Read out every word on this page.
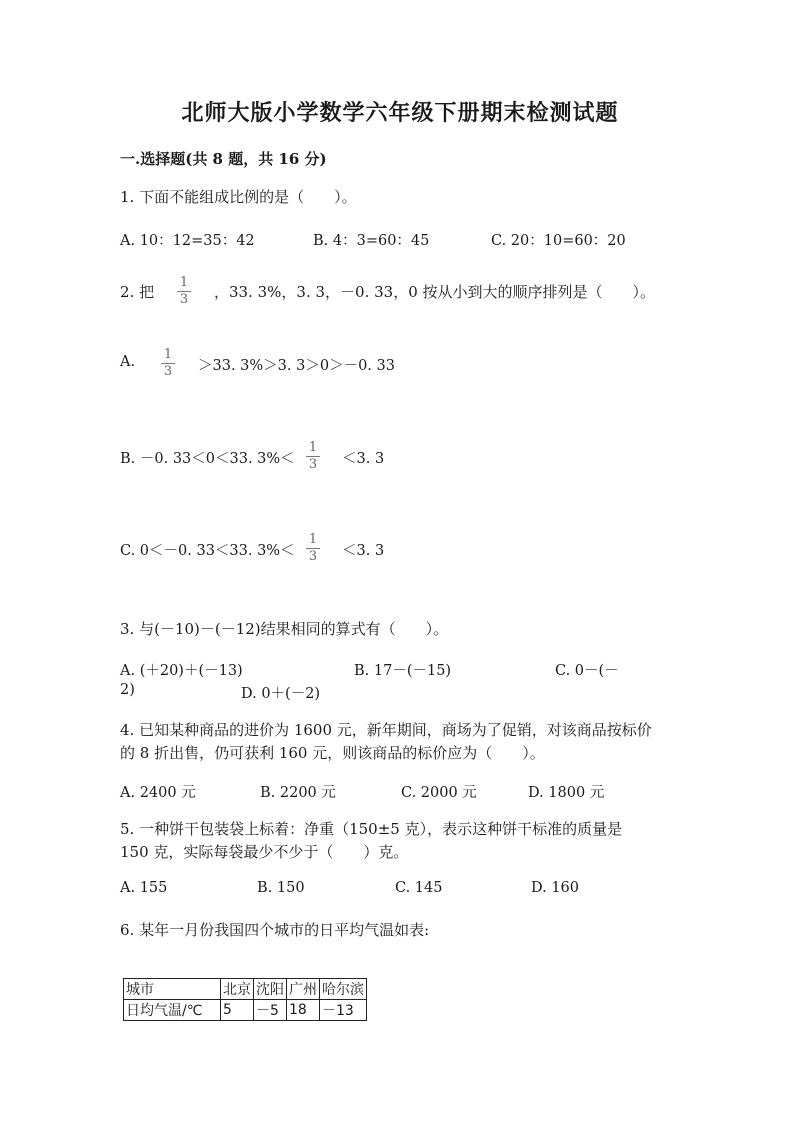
北师大版小学数学六年级下册期末检测试题
一.选择题(共 8 题，共 16 分)
1. 下面不能组成比例的是（　　）。
A. 10：12=35：42	B. 4：3=60：45	C. 20：10=60：20
2. 把
1
3	，33. 3%，3. 3，－0. 33，0 按从小到大的顺序排列是（　　）。
A.	1
3	＞33. 3%＞3. 3＞0＞－0. 33
B. －0. 33＜0＜33. 3%＜
1
3	＜3. 3
C. 0＜－0. 33＜33. 3%＜
1
3	＜3. 3
3. 与(－10)－(－12)结果相同的算式有（　　）。
A. (＋20)＋(－13)	B. 17－(－15)	C. 0－(－
2)	D. 0＋(－2)
4. 已知某种商品的进价为 1600 元，新年期间，商场为了促销，对该商品按标价
的 8 折出售，仍可获利 160 元，则该商品的标价应为（　　）。
A. 2400 元	B. 2200 元	C. 2000 元	D. 1800 元
5. 一种饼干包装袋上标着：净重（150±5 克），表示这种饼干标准的质量是
150 克，实际每袋最少不少于（　　）克。
A. 155	B. 150	C. 145	D. 160
6. 某年一月份我国四个城市的日平均气温如表:
城市	北京	沈阳	广州	哈尔滨
日均气温/℃	5	－5	18	－13
